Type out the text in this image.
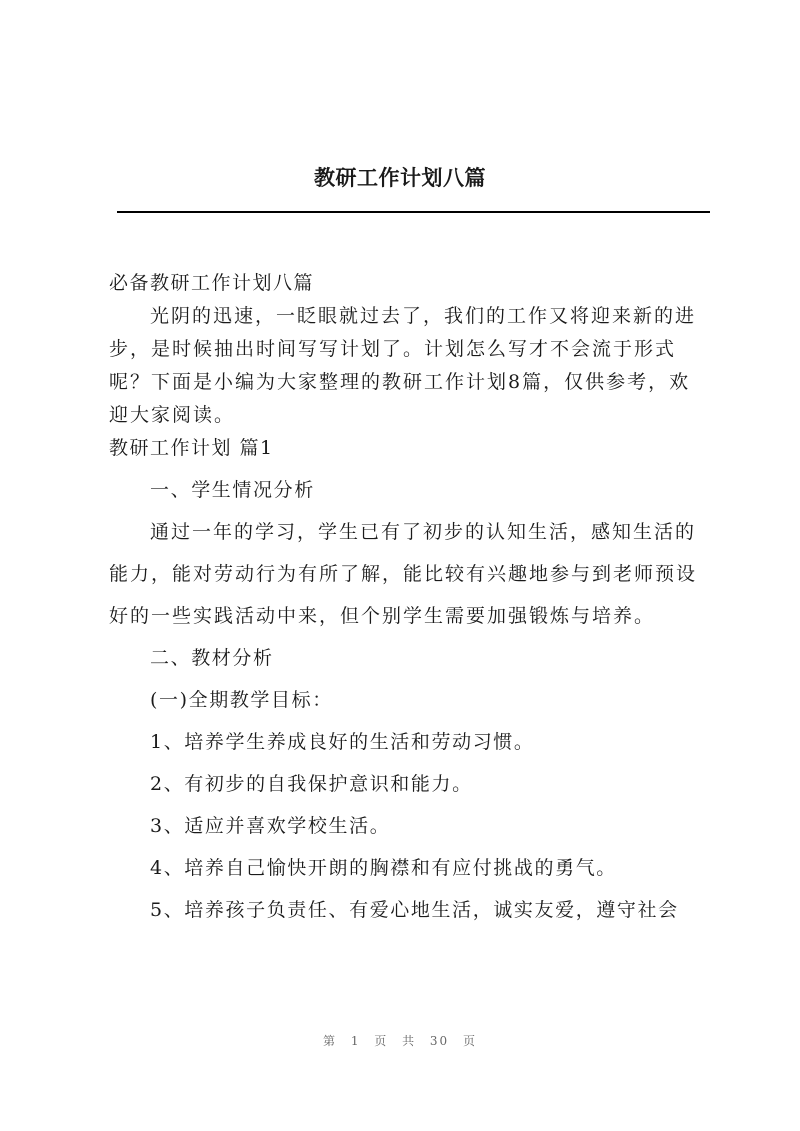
教研工作计划八篇

必备教研工作计划八篇

光阴的迅速，一眨眼就过去了，我们的工作又将迎来新的进

步，是时候抽出时间写写计划了。计划怎么写才不会流于形式

呢？下面是小编为大家整理的教研工作计划8篇，仅供参考，欢

迎大家阅读。

教研工作计划 篇1

一、学生情况分析

通过一年的学习，学生已有了初步的认知生活，感知生活的

能力，能对劳动行为有所了解，能比较有兴趣地参与到老师预设

好的一些实践活动中来，但个别学生需要加强锻炼与培养。

二、教材分析

(一)全期教学目标：

1、培养学生养成良好的生活和劳动习惯。

2、有初步的自我保护意识和能力。

3、适应并喜欢学校生活。

4、培养自己愉快开朗的胸襟和有应付挑战的勇气。

5、培养孩子负责任、有爱心地生活，诚实友爱，遵守社会

第 1 页 共 30 页
